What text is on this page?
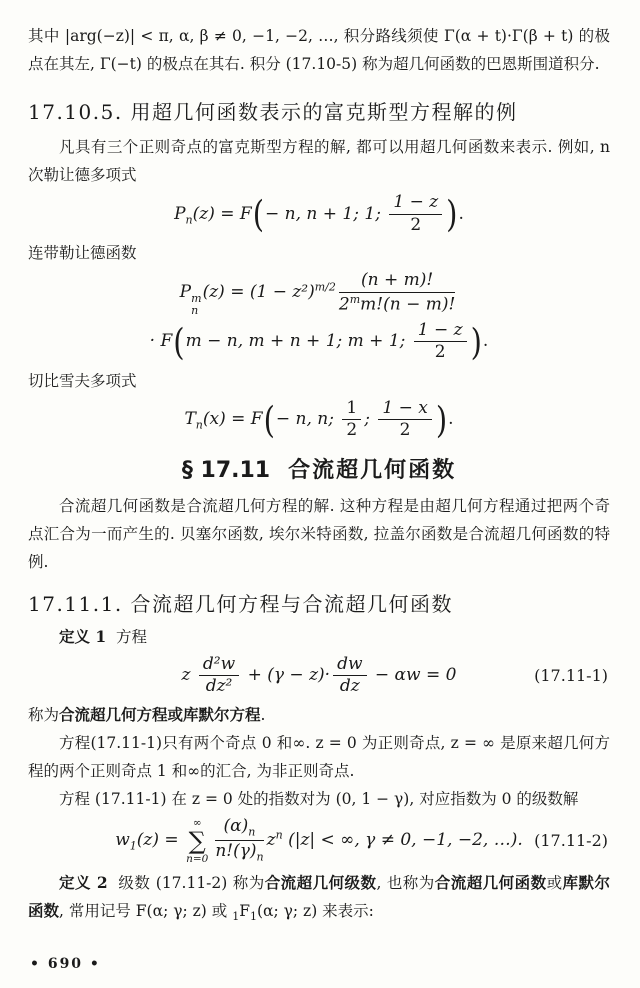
其中 |arg(−z)| < π, α, β ≠ 0, −1, −2, …, 积分路线须使 Γ(α + t)·Γ(β + t) 的极点在其左, Γ(−t) 的极点在其右. 积分 (17.10-5) 称为超几何函数的巴恩斯围道积分.

17.10.5. 用超几何函数表示的富克斯型方程解的例

凡具有三个正则奇点的富克斯型方程的解, 都可以用超几何函数来表示. 例如, n 次勒让德多项式

$P_n(z) = F(- n$, n + 1; 1; $\frac{1 - z}{2}$ ).

连带勒让德函数

P m
n
$(z) = (1 - z^2)^{m/2} \frac{(n + m)!}{2^mm!(n - m)!}$
· F(m − n, m + n + 1; m + 1; $\frac{1 - z}{2}$ ).

切比雪夫多项式

$T_n(x) = F(- n$, n; $\frac{1}{2}$ ; $\frac{1 - x}{2}$ ).
§ 17.11 合流超几何函数

合流超几何函数是合流超几何方程的解. 这种方程是由超几何方程通过把两个奇点汇合为一而产生的. 贝塞尔函数, 埃尔米特函数, 拉盖尔函数是合流超几何函数的特例.

17.11.1. 合流超几何方程与合流超几何函数

定义 1 方程

z $\frac{\text{d²w}}{\text{dz²}} + (\gamma - z)\cdot \frac{dw}{dz} - \alpha w = 0$	(17.11-1)

称为合流超几何方程或库默尔方程.

方程(17.11-1)只有两个奇点 0 和∞. z = 0 为正则奇点, z = ∞ 是原来超几何方程的两个正则奇点 1 和∞的汇合, 为非正则奇点.

方程 (17.11-1) 在 z = 0 处的指数对为 (0, 1 − γ), 对应指数为 0 的级数解

$w_1(z)$ =
∞
∑
$n=0 \frac{(\alpha)_n}{n!(\gamma)_n} z^n$ (|z| < ∞, γ ≠ 0, −1, −2, …). (17.11-2)

定义 2 级数 (17.11-2) 称为合流超几何级数, 也称为合流超几何函数或库默尔函数, 常用记号 F(α; γ; z) 或 $_1F_1(\alpha$; γ; z) 来表示:

• 690 •
